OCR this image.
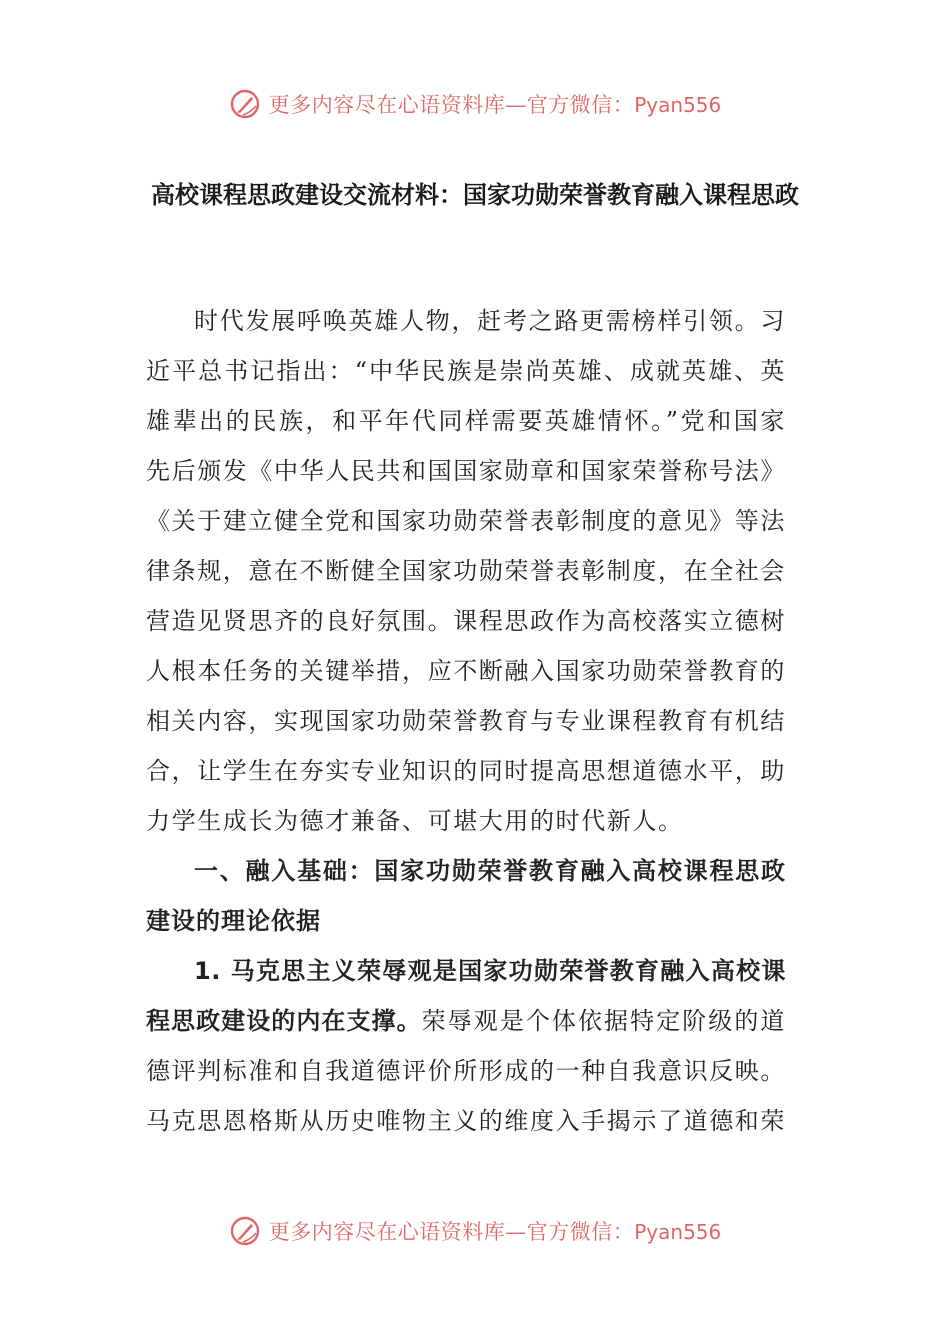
更多内容尽在心语资料库—官方微信：Pyan556
高校课程思政建设交流材料：国家功勋荣誉教育融入课程思政

时代发展呼唤英雄人物，赶考之路更需榜样引领。习近平总书记指出：“中华民族是崇尚英雄、成就英雄、英雄辈出的民族，和平年代同样需要英雄情怀。”党和国家先后颁发《中华人民共和国国家勋章和国家荣誉称号法》《关于建立健全党和国家功勋荣誉表彰制度的意见》等法律条规，意在不断健全国家功勋荣誉表彰制度，在全社会营造见贤思齐的良好氛围。课程思政作为高校落实立德树人根本任务的关键举措，应不断融入国家功勋荣誉教育的相关内容，实现国家功勋荣誉教育与专业课程教育有机结合，让学生在夯实专业知识的同时提高思想道德水平，助力学生成长为德才兼备、可堪大用的时代新人。

一、融入基础：国家功勋荣誉教育融入高校课程思政建设的理论依据

1. 马克思主义荣辱观是国家功勋荣誉教育融入高校课程思政建设的内在支撑。荣辱观是个体依据特定阶级的道德评判标准和自我道德评价所形成的一种自我意识反映。马克思恩格斯从历史唯物主义的维度入手揭示了道德和荣

更多内容尽在心语资料库—官方微信：Pyan556
